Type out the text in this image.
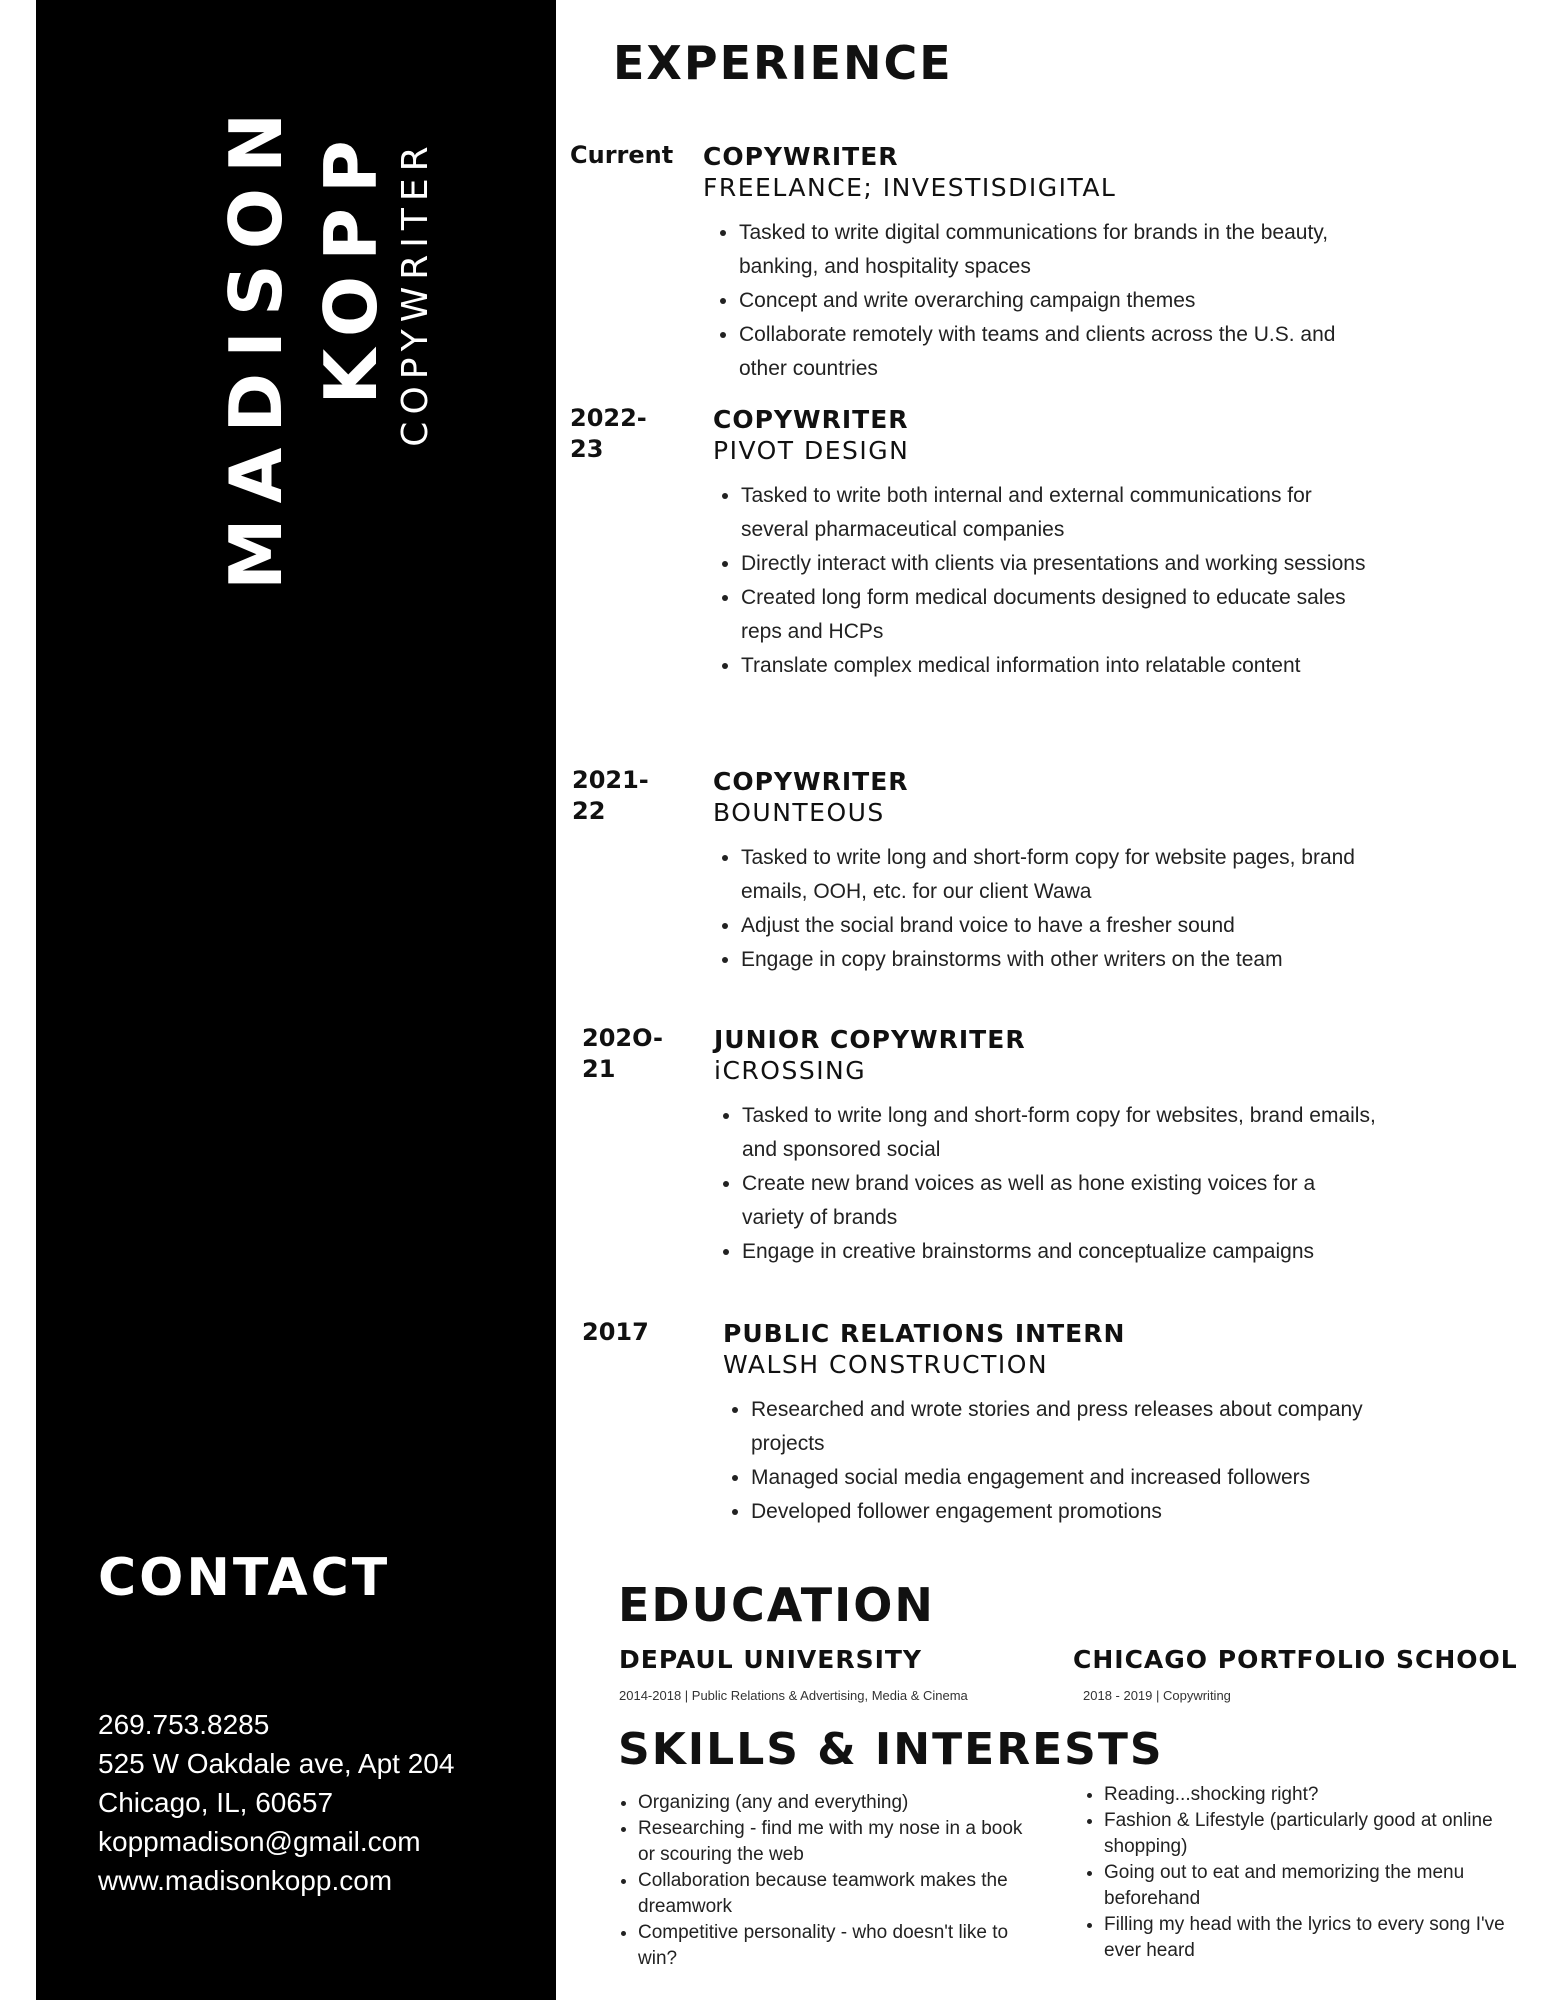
MADISON KOPP COPYWRITER
CONTACT
269.753.8285
525 W Oakdale ave, Apt 204
Chicago, IL, 60657
koppmadison@gmail.com
www.madisonkopp.com
EXPERIENCE
Current COPYWRITER
FREELANCE; INVESTISDIGITAL
• Tasked to write digital communications for brands in the beauty, banking, and hospitality spaces
• Concept and write overarching campaign themes
• Collaborate remotely with teams and clients across the U.S. and other countries
2022-
23
COPYWRITER
PIVOT DESIGN
• Tasked to write both internal and external communications for several pharmaceutical companies
• Directly interact with clients via presentations and working sessions
• Created long form medical documents designed to educate sales reps and HCPs
• Translate complex medical information into relatable content
2021-
22
COPYWRITER
BOUNTEOUS
• Tasked to write long and short-form copy for website pages, brand emails, OOH, etc. for our client Wawa
• Adjust the social brand voice to have a fresher sound
• Engage in copy brainstorms with other writers on the team
202O-
21
JUNIOR COPYWRITER
iCROSSING
• Tasked to write long and short-form copy for websites, brand emails, and sponsored social
• Create new brand voices as well as hone existing voices for a variety of brands
• Engage in creative brainstorms and conceptualize campaigns
2017	PUBLIC RELATIONS INTERN
WALSH CONSTRUCTION
• Researched and wrote stories and press releases about company projects
• Managed social media engagement and increased followers
• Developed follower engagement promotions
EDUCATION
DEPAUL UNIVERSITY
2014-2018 | Public Relations & Advertising, Media & Cinema
CHICAGO PORTFOLIO SCHOOL
2018 - 2019 | Copywriting
SKILLS & INTERESTS
• Organizing (any and everything)
• Researching - find me with my nose in a book or scouring the web
• Collaboration because teamwork makes the dreamwork
• Competitive personality - who doesn't like to win?
• Reading...shocking right?
• Fashion & Lifestyle (particularly good at online shopping)
• Going out to eat and memorizing the menu beforehand
• Filling my head with the lyrics to every song I've ever heard
